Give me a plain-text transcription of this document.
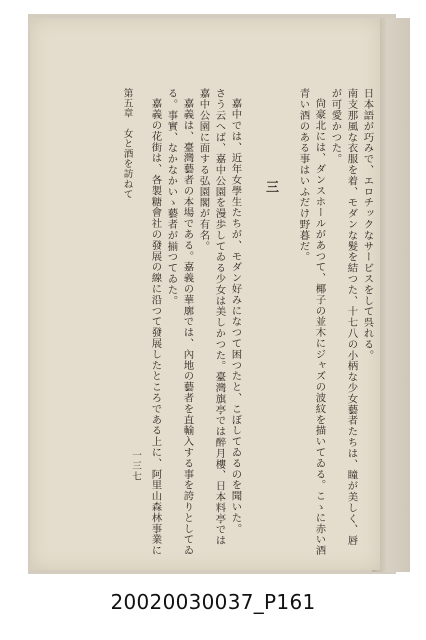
日本語が巧みで、エロチックなサービスをして呉れる。
南支那風な衣服を着、モダンな髮を結つた、十七八の小柄な少女藝者たちは、瞳が美しく、唇
が可愛かつた。
尙豪北には、ダンスホールがあつて、椰子の並木にジャズの波紋を描いてゐる。こゝに赤い酒
青い酒のある事はいふだけ野暮だ。
三
嘉中では、近年女學生たちが、モダン好みになつて困つたと、こぼしてゐるのを聞いた。
さう云へば、嘉中公園を漫歩してゐる少女は美しかつた。臺灣旗亭では醉月樓、日本料亭では
嘉中公園に面する弘園閣が有名。
嘉義は、臺灣藝者の本場である。嘉義の華廓では、內地の藝者を直輸入する事を誇りとしてゐ
る。事實、なかなかいゝ藝者が揃つてゐた。
嘉義の花街は、各製糖會社の發展の線に沿つて發展したところである上に、阿里山森林事業に
第五章　女と酒を訪ねて
一三七
20020030037_P161
